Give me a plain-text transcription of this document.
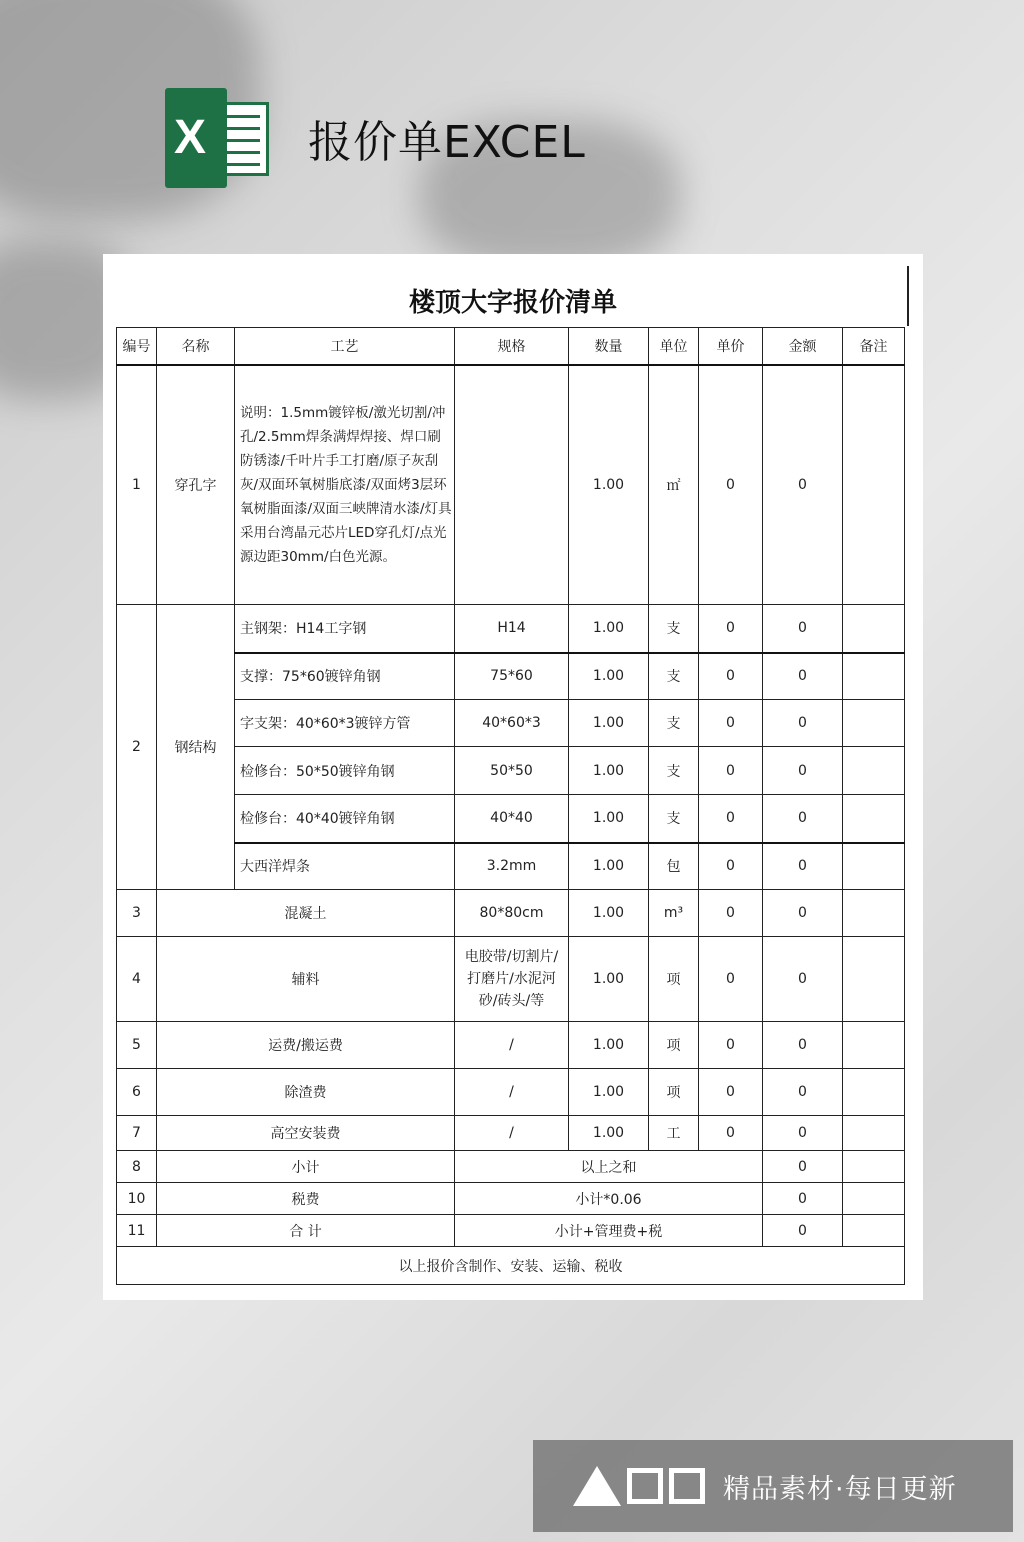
X 报价单EXCEL
楼顶大字报价清单
编号	名称	工艺	规格	数量	单位	单价	金额	备注
1	穿孔字	说明：1.5mm镀锌板/激光切割/冲孔/2.5mm焊条满焊焊接、焊口刷防锈漆/千叶片手工打磨/原子灰刮灰/双面环氧树脂底漆/双面烤3层环氧树脂面漆/双面三峡牌清水漆/灯具采用台湾晶元芯片LED穿孔灯/点光源边距30mm/白色光源。		1.00	㎡	0	0	
2	钢结构	主钢架：H14工字钢	H14	1.00	支	0	0	
		支撑：75*60镀锌角钢	75*60	1.00	支	0	0	
		字支架：40*60*3镀锌方管	40*60*3	1.00	支	0	0	
		检修台：50*50镀锌角钢	50*50	1.00	支	0	0	
		检修台：40*40镀锌角钢	40*40	1.00	支	0	0	
		大西洋焊条	3.2mm	1.00	包	0	0	
3	混凝土		80*80cm	1.00	m³	0	0	
4	辅料		电胶带/切割片/打磨片/水泥河砂/砖头/等	1.00	项	0	0	
5	运费/搬运费		/	1.00	项	0	0	
6	除渣费		/	1.00	项	0	0	
7	高空安装费		/	1.00	工	0	0	
8	小计		以上之和				0	
10	税费		小计*0.06				0	
11	合 计		小计+管理费+税				0	
以上报价含制作、安装、运输、税收								
精品素材·每日更新
